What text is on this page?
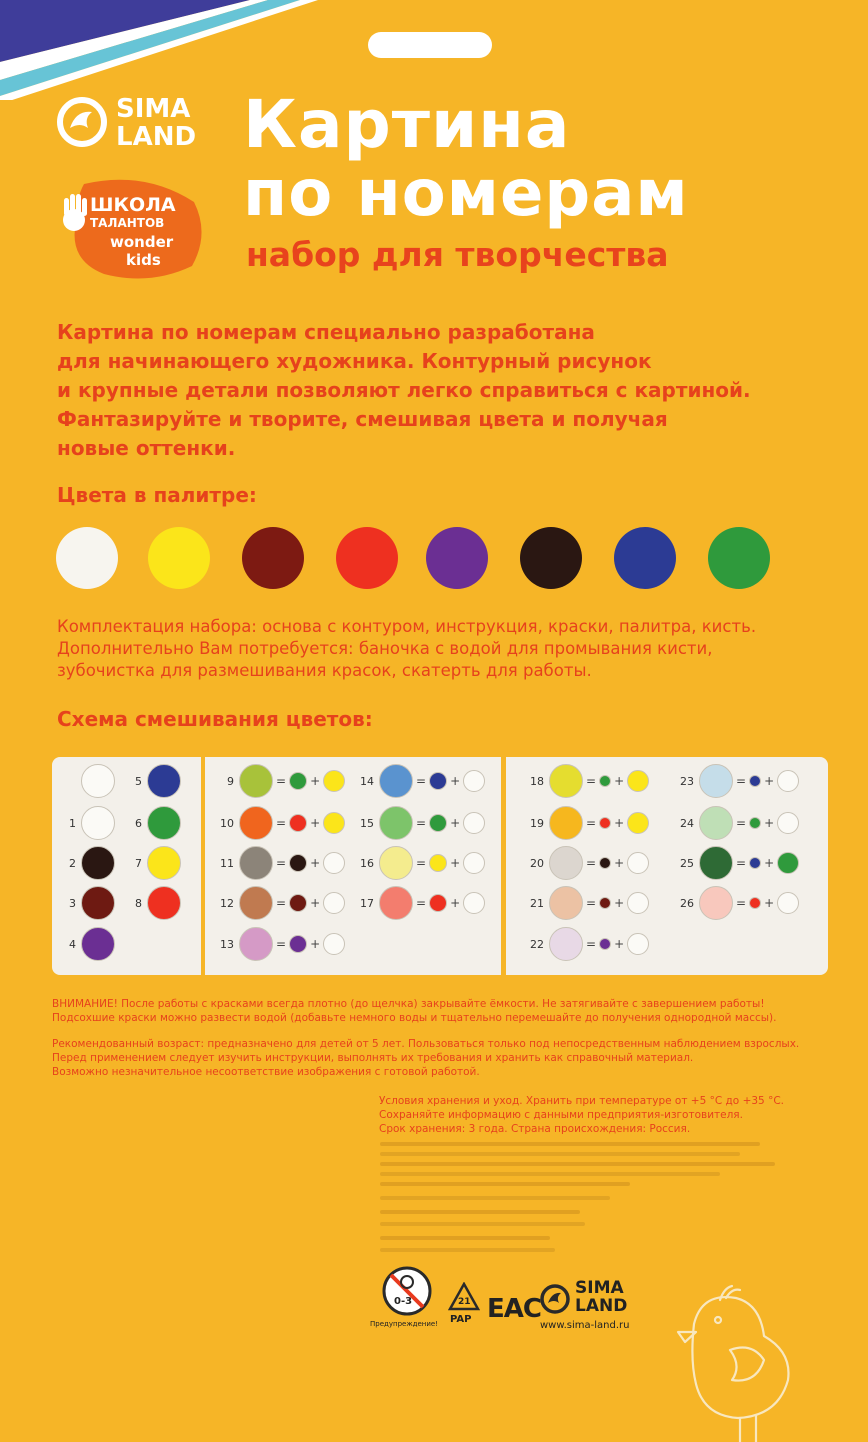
SIMA
LAND
ШКОЛА
ТАЛАНТОВ
wonder
kids
Картина
по номерам
набор для творчества
Картина по номерам специально разработана
для начинающего художника. Контурный рисунок
и крупные детали позволяют легко справиться с картиной.
Фантазируйте и творите, смешивая цвета и получая
новые оттенки.
Цвета в палитре:
Комплектация набора: основа с контуром, инструкция, краски, палитра, кисть.
Дополнительно Вам потребуется: баночка с водой для промывания кисти,
зубочистка для размешивания красок, скатерть для работы.
Схема смешивания цветов:
1
2
3
4
5
6
7
8
9	= +
10	= +
11	= +
12	= +
13	= +
14	= +
15	= +
16	= +
17	= +
18	= +
19	= +
20	= +
21	= +
22	= +
23	= +
24	= +
25	= +
26	= +
ВНИМАНИЕ! После работы с красками всегда плотно (до щелчка) закрывайте ёмкости. Не затягивайте с завершением работы!
Подсохшие краски можно развести водой (добавьте немного воды и тщательно перемешайте до получения однородной массы).
Рекомендованный возраст: предназначено для детей от 5 лет. Пользоваться только под непосредственным наблюдением взрослых.
Перед применением следует изучить инструкции, выполнять их требования и хранить как справочный материал.
Возможно незначительное несоответствие изображения с готовой работой.
Условия хранения и уход. Хранить при температуре от +5 °С до +35 °С.
Сохраняйте информацию с данными предприятия-изготовителя.
Срок хранения: 3 года. Страна происхождения: Россия.
0-3
Предупреждение!
21
PAP ЕАС
SIMA
LAND
www.sima-land.ru
